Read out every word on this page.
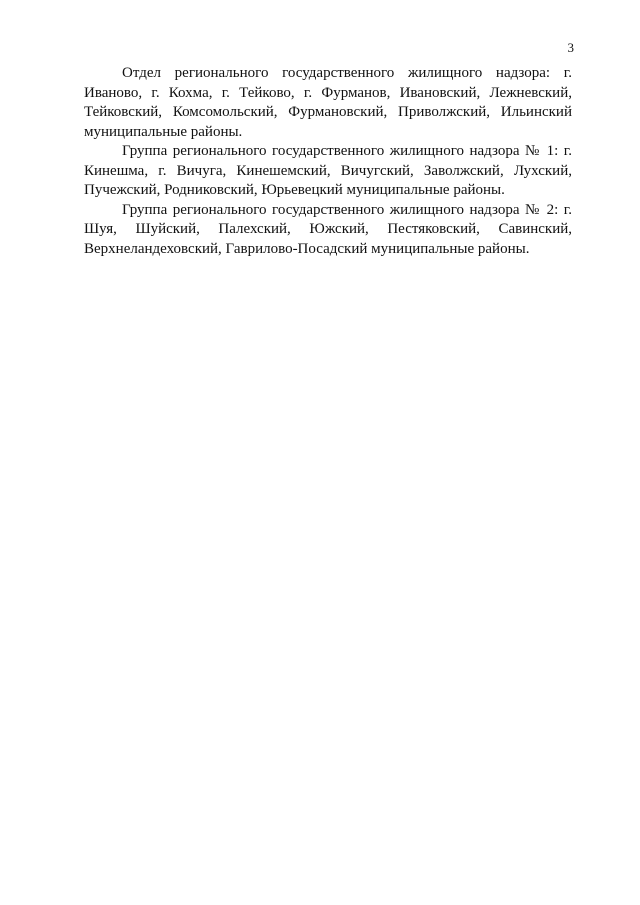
3

Отдел регионального государственного жилищного надзора: г. Иваново, г. Кохма, г. Тейково, г. Фурманов, Ивановский, Лежневский, Тейковский, Комсомольский, Фурмановский, Приволжский, Ильинский муниципальные районы.

Группа регионального государственного жилищного надзора № 1: г. Кинешма, г. Вичуга, Кинешемский, Вичугский, Заволжский, Лухский, Пучежский, Родниковский, Юрьевецкий муниципальные районы.

Группа регионального государственного жилищного надзора № 2: г. Шуя, Шуйский, Палехский, Южский, Пестяковский, Савинский, Верхнеландеховский, Гаврилово-Посадский муниципальные районы.
